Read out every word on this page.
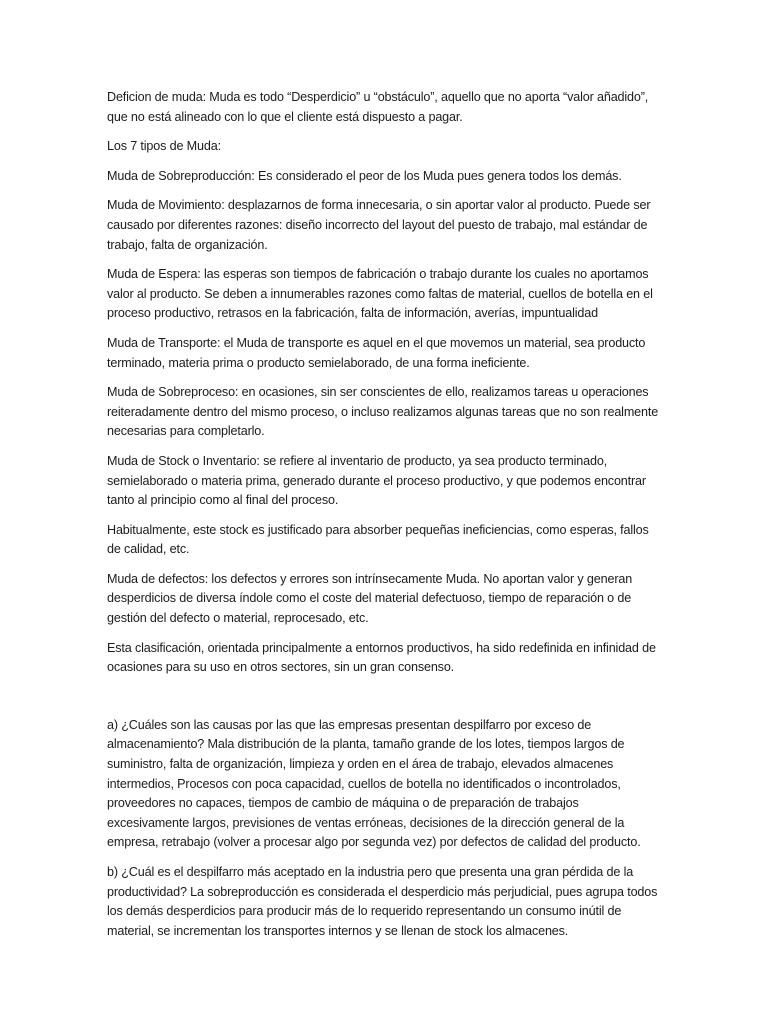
Deficion de muda: Muda es todo “Desperdicio” u “obstáculo”, aquello que no aporta “valor añadido”, que no está alineado con lo que el cliente está dispuesto a pagar.

Los 7 tipos de Muda:

Muda de Sobreproducción: Es considerado el peor de los Muda pues genera todos los demás.

Muda de Movimiento: desplazarnos de forma innecesaria, o sin aportar valor al producto. Puede ser causado por diferentes razones: diseño incorrecto del layout del puesto de trabajo, mal estándar de trabajo, falta de organización.

Muda de Espera: las esperas son tiempos de fabricación o trabajo durante los cuales no aportamos valor al producto. Se deben a innumerables razones como faltas de material, cuellos de botella en el proceso productivo, retrasos en la fabricación, falta de información, averías, impuntualidad

Muda de Transporte: el Muda de transporte es aquel en el que movemos un material, sea producto terminado, materia prima o producto semielaborado, de una forma ineficiente.

Muda de Sobreproceso: en ocasiones, sin ser conscientes de ello, realizamos tareas u operaciones reiteradamente dentro del mismo proceso, o incluso realizamos algunas tareas que no son realmente necesarias para completarlo.

Muda de Stock o Inventario: se refiere al inventario de producto, ya sea producto terminado, semielaborado o materia prima, generado durante el proceso productivo, y que podemos encontrar tanto al principio como al final del proceso.

Habitualmente, este stock es justificado para absorber pequeñas ineficiencias, como esperas, fallos de calidad, etc.

Muda de defectos: los defectos y errores son intrínsecamente Muda. No aportan valor y generan desperdicios de diversa índole como el coste del material defectuoso, tiempo de reparación o de gestión del defecto o material, reprocesado, etc.

Esta clasificación, orientada principalmente a entornos productivos, ha sido redefinida en infinidad de ocasiones para su uso en otros sectores, sin un gran consenso.

a) ¿Cuáles son las causas por las que las empresas presentan despilfarro por exceso de almacenamiento? Mala distribución de la planta, tamaño grande de los lotes, tiempos largos de suministro, falta de organización, limpieza y orden en el área de trabajo, elevados almacenes intermedios, Procesos con poca capacidad, cuellos de botella no identificados o incontrolados, proveedores no capaces, tiempos de cambio de máquina o de preparación de trabajos excesivamente largos, previsiones de ventas erróneas, decisiones de la dirección general de la empresa, retrabajo (volver a procesar algo por segunda vez) por defectos de calidad del producto.

b) ¿Cuál es el despilfarro más aceptado en la industria pero que presenta una gran pérdida de la productividad? La sobreproducción es considerada el desperdicio más perjudicial, pues agrupa todos los demás desperdicios para producir más de lo requerido representando un consumo inútil de material, se incrementan los transportes internos y se llenan de stock los almacenes.
